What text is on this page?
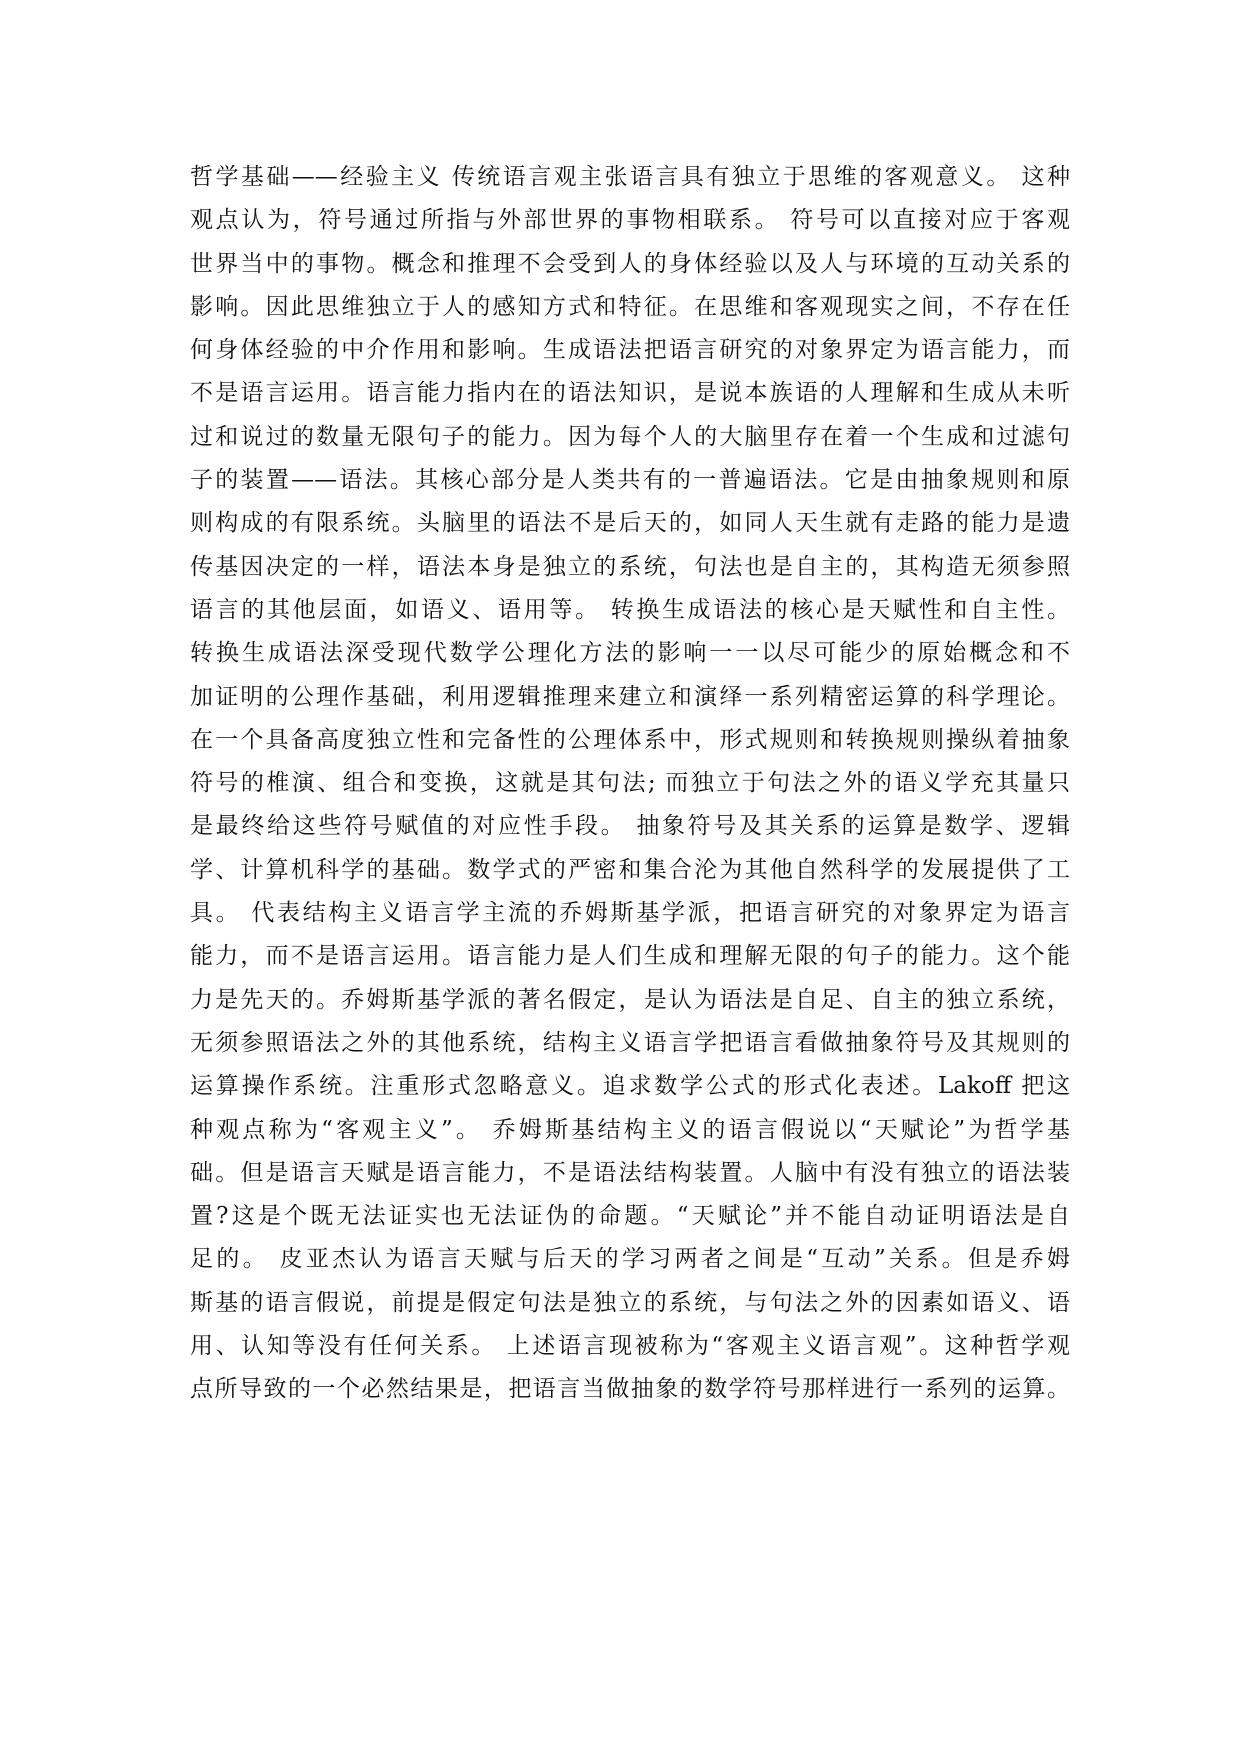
哲学基础——经验主义 传统语言观主张语言具有独立于思维的客观意义。 这种
观点认为，符号通过所指与外部世界的事物相联系。 符号可以直接对应于客观
世界当中的事物。概念和推理不会受到人的身体经验以及人与环境的互动关系的
影响。因此思维独立于人的感知方式和特征。在思维和客观现实之间，不存在任
何身体经验的中介作用和影响。生成语法把语言研究的对象界定为语言能力，而
不是语言运用。语言能力指内在的语法知识，是说本族语的人理解和生成从未听
过和说过的数量无限句子的能力。因为每个人的大脑里存在着一个生成和过滤句
子的装置——语法。其核心部分是人类共有的一普遍语法。它是由抽象规则和原
则构成的有限系统。头脑里的语法不是后天的，如同人天生就有走路的能力是遗
传基因决定的一样，语法本身是独立的系统，句法也是自主的，其构造无须参照
语言的其他层面，如语义、语用等。 转换生成语法的核心是天赋性和自主性。
转换生成语法深受现代数学公理化方法的影响一一以尽可能少的原始概念和不
加证明的公理作基础，利用逻辑推理来建立和演绎一系列精密运算的科学理论。
在一个具备高度独立性和完备性的公理体系中，形式规则和转换规则操纵着抽象
符号的椎演、组合和变换，这就是其句法; 而独立于句法之外的语义学充其量只
是最终给这些符号赋值的对应性手段。 抽象符号及其关系的运算是数学、逻辑
学、计算机科学的基础。数学式的严密和集合沦为其他自然科学的发展提供了工
具。 代表结构主义语言学主流的乔姆斯基学派，把语言研究的对象界定为语言
能力，而不是语言运用。语言能力是人们生成和理解无限的句子的能力。这个能
力是先天的。乔姆斯基学派的著名假定，是认为语法是自足、自主的独立系统，
无须参照语法之外的其他系统，结构主义语言学把语言看做抽象符号及其规则的
运算操作系统。注重形式忽略意义。追求数学公式的形式化表述。Lakoff 把这
种观点称为“客观主义”。 乔姆斯基结构主义的语言假说以“天赋论”为哲学基
础。但是语言天赋是语言能力，不是语法结构装置。人脑中有没有独立的语法装
置?这是个既无法证实也无法证伪的命题。“天赋论”并不能自动证明语法是自
足的。 皮亚杰认为语言天赋与后天的学习两者之间是“互动”关系。但是乔姆
斯基的语言假说，前提是假定句法是独立的系统，与句法之外的因素如语义、语
用、认知等没有任何关系。 上述语言现被称为“客观主义语言观”。这种哲学观
点所导致的一个必然结果是，把语言当做抽象的数学符号那样进行一系列的运算。
